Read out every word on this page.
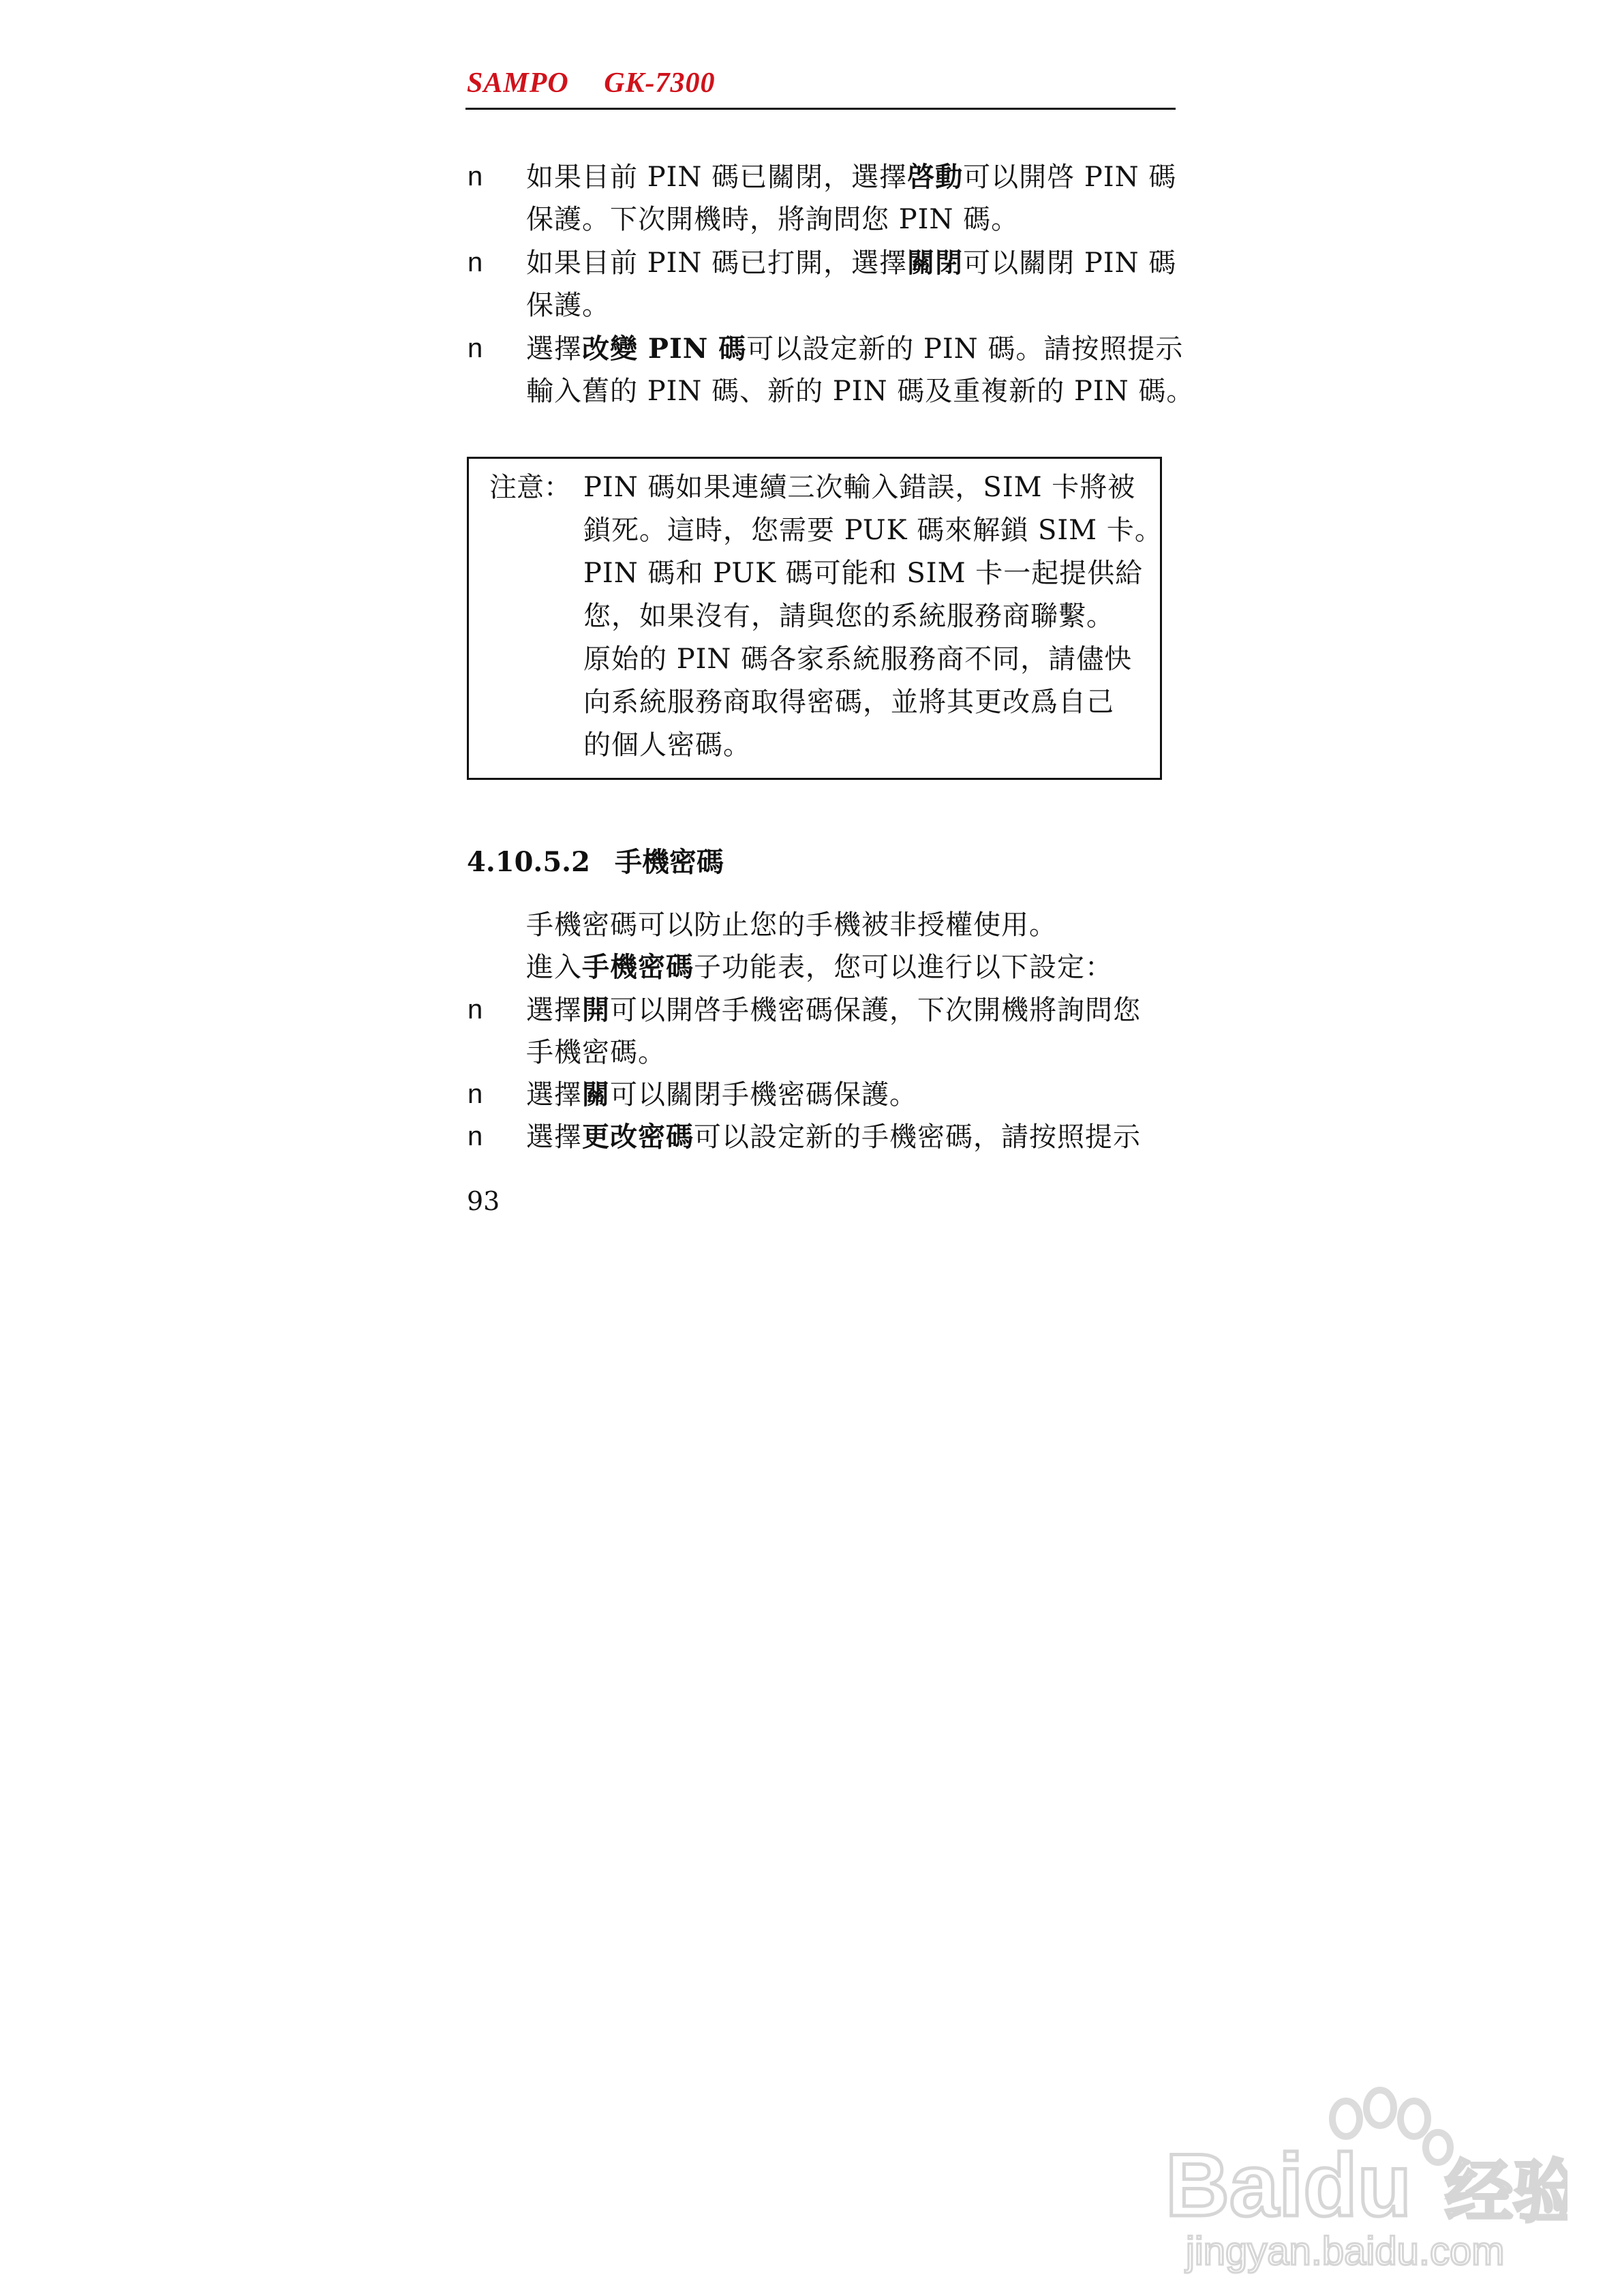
SAMPO GK-7300
n 如果目前 PIN 碼已關閉，選擇啓動可以開啓 PIN 碼
保護。下次開機時，將詢問您 PIN 碼。
n 如果目前 PIN 碼已打開，選擇關閉可以關閉 PIN 碼
保護。
n 選擇改變 PIN 碼可以設定新的 PIN 碼。請按照提示
輸入舊的 PIN 碼、新的 PIN 碼及重複新的 PIN 碼。
注意： PIN 碼如果連續三次輸入錯誤，SIM 卡將被
鎖死。這時，您需要 PUK 碼來解鎖 SIM 卡。
PIN 碼和 PUK 碼可能和 SIM 卡一起提供給
您，如果沒有，請與您的系統服務商聯繫。
原始的 PIN 碼各家系統服務商不同，請儘快
向系統服務商取得密碼，並將其更改爲自己
的個人密碼。
4.10.5.2 手機密碼
手機密碼可以防止您的手機被非授權使用。
進入手機密碼子功能表，您可以進行以下設定：
n 選擇開可以開啓手機密碼保護，下次開機將詢問您
手機密碼。
n 選擇關可以關閉手機密碼保護。
n 選擇更改密碼可以設定新的手機密碼，請按照提示
93
Baidu 经验
jingyan.baidu.com
